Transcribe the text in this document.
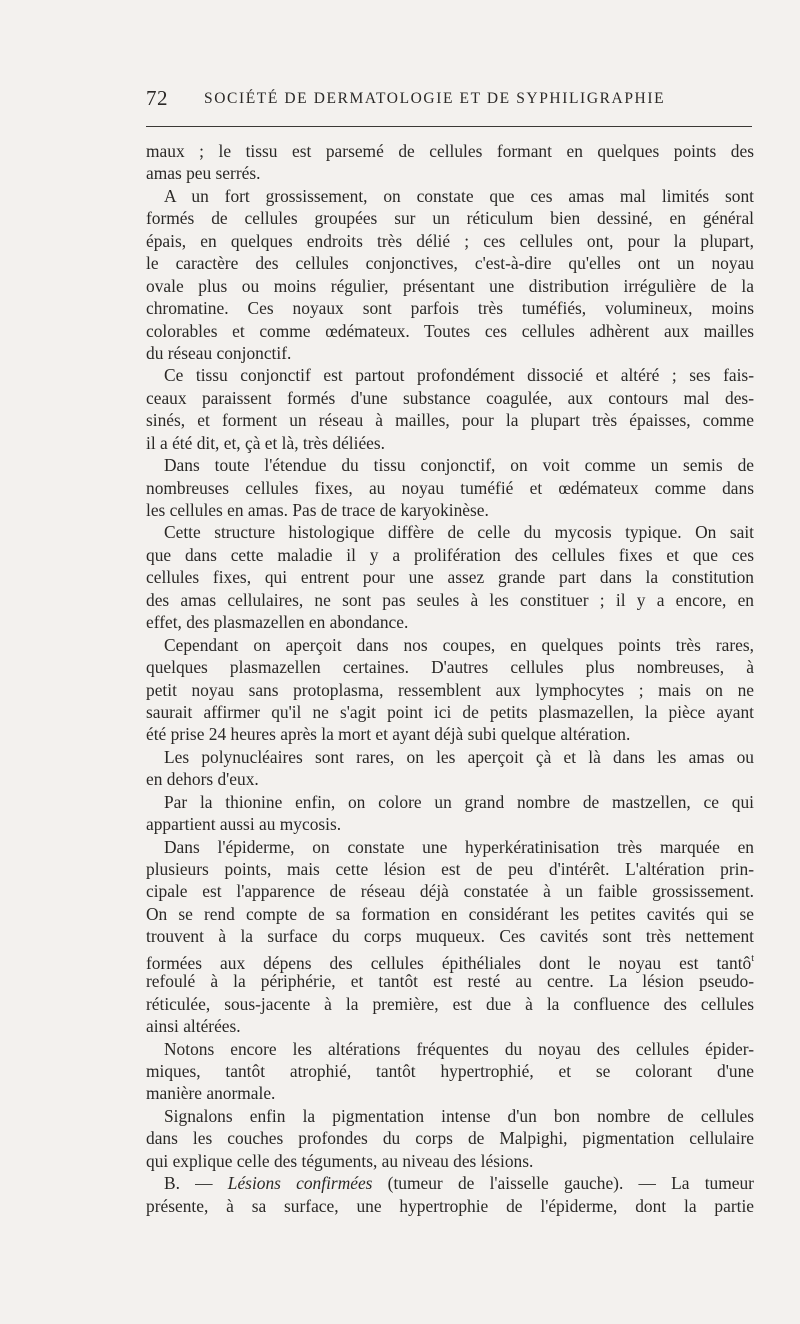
72 SOCIÉTÉ DE DERMATOLOGIE ET DE SYPHILIGRAPHIE
maux ; le tissu est parsemé de cellules formant en quelques points des
amas peu serrés.
A un fort grossissement, on constate que ces amas mal limités sont
formés de cellules groupées sur un réticulum bien dessiné, en général
épais, en quelques endroits très délié ; ces cellules ont, pour la plupart,
le caractère des cellules conjonctives, c'est-à-dire qu'elles ont un noyau
ovale plus ou moins régulier, présentant une distribution irrégulière de la
chromatine. Ces noyaux sont parfois très tuméfiés, volumineux, moins
colorables et comme œdémateux. Toutes ces cellules adhèrent aux mailles
du réseau conjonctif.
Ce tissu conjonctif est partout profondément dissocié et altéré ; ses fais-
ceaux paraissent formés d'une substance coagulée, aux contours mal des-
sinés, et forment un réseau à mailles, pour la plupart très épaisses, comme
il a été dit, et, çà et là, très déliées.
Dans toute l'étendue du tissu conjonctif, on voit comme un semis de
nombreuses cellules fixes, au noyau tuméfié et œdémateux comme dans
les cellules en amas. Pas de trace de karyokinèse.
Cette structure histologique diffère de celle du mycosis typique. On sait
que dans cette maladie il y a prolifération des cellules fixes et que ces
cellules fixes, qui entrent pour une assez grande part dans la constitution
des amas cellulaires, ne sont pas seules à les constituer ; il y a encore, en
effet, des plasmazellen en abondance.
Cependant on aperçoit dans nos coupes, en quelques points très rares,
quelques plasmazellen certaines. D'autres cellules plus nombreuses, à
petit noyau sans protoplasma, ressemblent aux lymphocytes ; mais on ne
saurait affirmer qu'il ne s'agit point ici de petits plasmazellen, la pièce ayant
été prise 24 heures après la mort et ayant déjà subi quelque altération.
Les polynucléaires sont rares, on les aperçoit çà et là dans les amas ou
en dehors d'eux.
Par la thionine enfin, on colore un grand nombre de mastzellen, ce qui
appartient aussi au mycosis.
Dans l'épiderme, on constate une hyperkératinisation très marquée en
plusieurs points, mais cette lésion est de peu d'intérêt. L'altération prin-
cipale est l'apparence de réseau déjà constatée à un faible grossissement.
On se rend compte de sa formation en considérant les petites cavités qui se
trouvent à la surface du corps muqueux. Ces cavités sont très nettement
formées aux dépens des cellules épithéliales dont le noyau est tantô$^t$
refoulé à la périphérie, et tantôt est resté au centre. La lésion pseudo-
réticulée, sous-jacente à la première, est due à la confluence des cellules
ainsi altérées.
Notons encore les altérations fréquentes du noyau des cellules épider-
miques, tantôt atrophié, tantôt hypertrophié, et se colorant d'une
manière anormale.
Signalons enfin la pigmentation intense d'un bon nombre de cellules
dans les couches profondes du corps de Malpighi, pigmentation cellulaire
qui explique celle des téguments, au niveau des lésions.
B. — Lésions confirmées (tumeur de l'aisselle gauche). — La tumeur
présente, à sa surface, une hypertrophie de l'épiderme, dont la partie
